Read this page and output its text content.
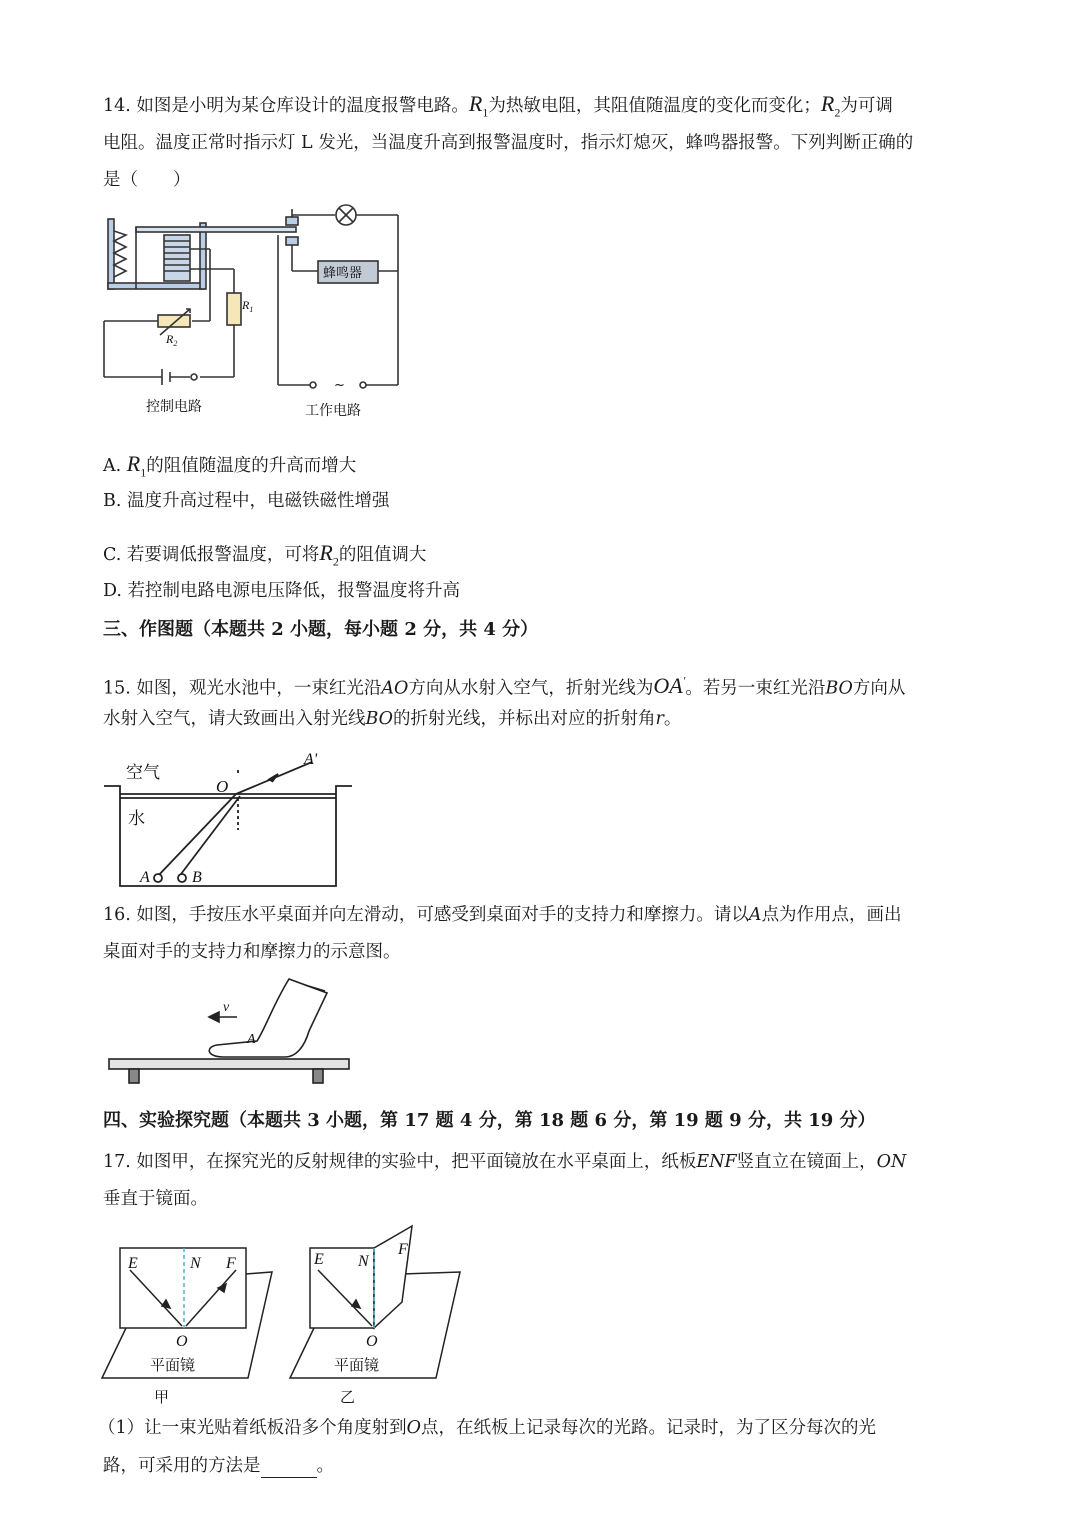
14. 如图是小明为某仓库设计的温度报警电路。$R_1$为热敏电阻，其阻值随温度的变化而变化；$R_2$为可调
电阻。温度正常时指示灯 L 发光，当温度升高到报警温度时，指示灯熄灭，蜂鸣器报警。下列判断正确的
是（　　）
蜂鸣器
$R_1$
$R_2$
~
控制电路	工作电路
A. $R_1$的阻值随温度的升高而增大
B. 温度升高过程中，电磁铁磁性增强
C. 若要调低报警温度，可将$R_2$的阻值调大
D. 若控制电路电源电压降低，报警温度将升高
三、作图题（本题共 2 小题，每小题 2 分，共 4 分）
15. 如图，观光水池中，一束红光沿AO方向从水射入空气，折射光线为OA'。若另一束红光沿BO方向从
水射入空气，请大致画出入射光线BO的折射光线，并标出对应的折射角r。
空气
水
O
A'
A	B
16. 如图，手按压水平桌面并向左滑动，可感受到桌面对手的支持力和摩擦力。请以A点为作用点，画出
桌面对手的支持力和摩擦力的示意图。
v
A
四、实验探究题（本题共 3 小题，第 17 题 4 分，第 18 题 6 分，第 19 题 9 分，共 19 分）
17. 如图甲，在探究光的反射规律的实验中，把平面镜放在水平桌面上，纸板ENF竖直立在镜面上，ON
垂直于镜面。
E	N F
O
平面镜
甲
E N
F
O
平面镜
乙
（1）让一束光贴着纸板沿多个角度射到O点，在纸板上记录每次的光路。记录时，为了区分每次的光
路，可采用的方法是	。
